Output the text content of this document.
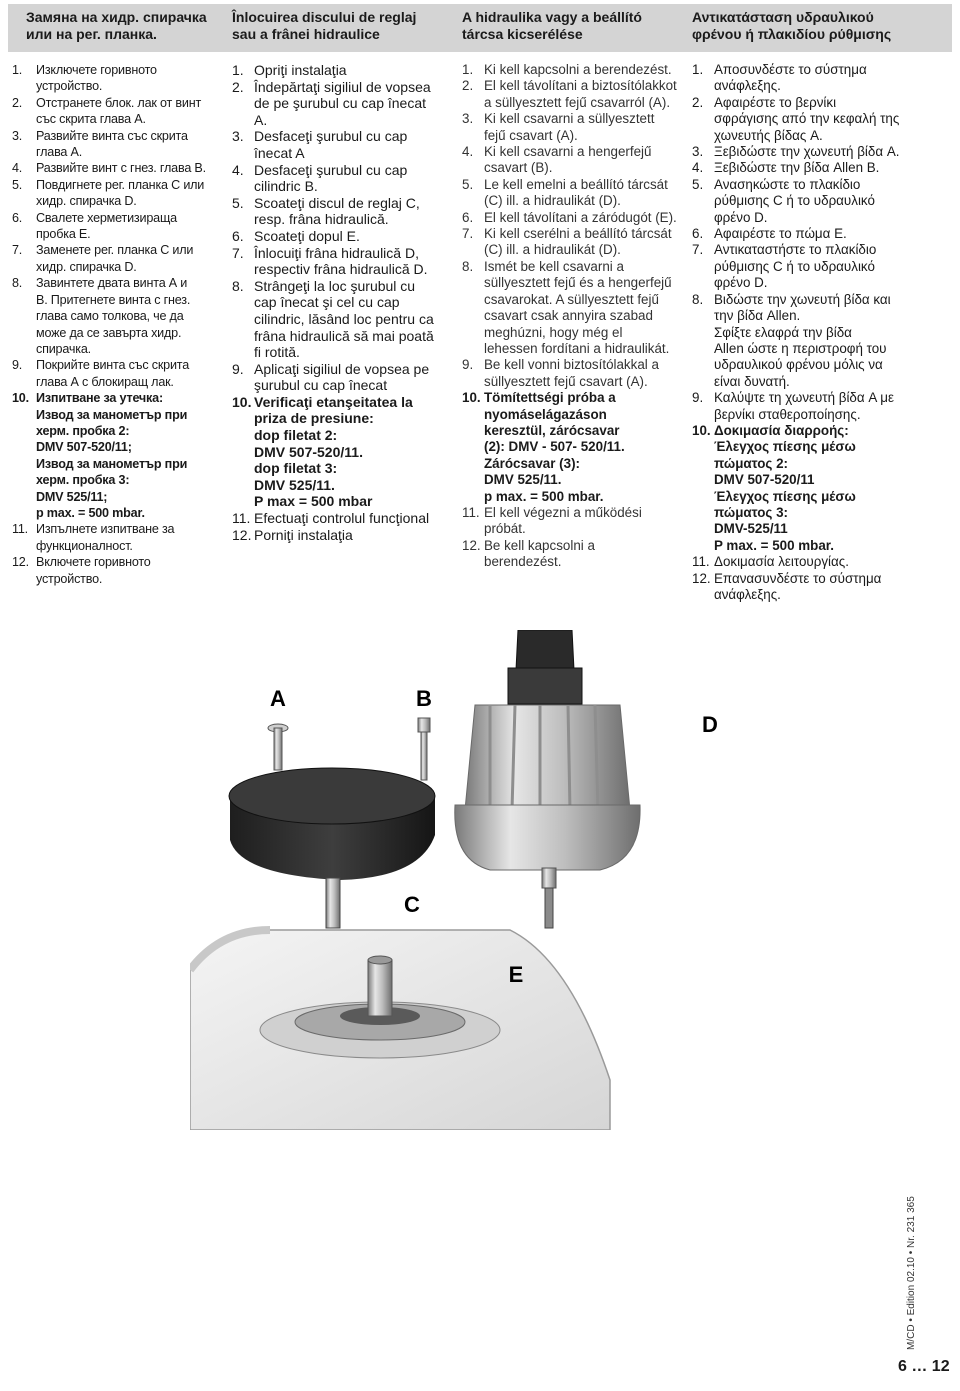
Замяна на хидр. спирачка
или на рег. планка.
Înlocuirea discului de reglaj
sau a frânei hidraulice
A hidraulika vagy a beállító
tárcsa kicserélése
Αντικατάσταση υδραυλικού
φρένου ή πλακιδίου ρύθμισης
1.	Изключете горивното
устройство.
2.	Отстранете блок. лак от винт
със скрита глава А.
3.	Развийте винта със скрита
глава А.
4.	Развийте винт с гнез. глава В.
5.	Повдигнете рег. планка С или
хидр. спирачка D.
6.	Свалете херметизираща
пробка Е.
7.	Заменете рег. планка С или
хидр. спирачка D.
8.	Завинтете двата винта А и
В. Притегнете винта с гнез.
глава само толкова, че да
може да се завърта хидр.
спирачка.
9.	Покрийте винта със скрита
глава А с блокиращ лак.
10. Изпитване за утечка:
Извод за манометър при
херм. пробка 2:
DMV 507-520/11;
Извод за манометър при
херм. пробка 3:
DMV 525/11;
p max. = 500 mbar.
11. Изпълнете изпитване за
функционалност.
12. Включете горивното
устройство.
1. Opriţi instalaţia
2. Îndepărtaţi sigiliul de vopsea
de pe şurubul cu cap înecat
A.
3. Desfaceţi şurubul cu cap
înecat A
4. Desfaceţi şurubul cu cap
cilindric B.
5. Scoateţi discul de reglaj C,
resp. frâna hidraulică.
6. Scoateţi dopul E.
7. Înlocuiţi frâna hidraulică D,
respectiv frâna hidraulică D.
8. Strângeţi la loc şurubul cu
cap înecat şi cel cu cap
cilindric, lăsând loc pentru ca
frâna hidraulică să mai poată
fi rotită.
9. Aplicaţi sigiliul de vopsea pe
şurubul cu cap înecat
10. Verificaţi etanşeitatea la
priza de presiune:
dop filetat 2:
DMV 507-520/11.
dop filetat 3:
DMV 525/11.
P max = 500 mbar
11. Efectuaţi controlul funcţional
12. Porniţi instalaţia
1. Ki kell kapcsolni a berendezést.
2. El kell távolítani a biztosítólakkot
a süllyesztett fejű csavarról (A).
3. Ki kell csavarni a süllyesztett
fejű csavart (A).
4. Ki kell csavarni a hengerfejű
csavart (B).
5. Le kell emelni a beállító tárcsát
(C) ill. a hidraulikát (D).
6. El kell távolítani a záródugót (E).
7. Ki kell cserélni a beállító tárcsát
(C) ill. a hidraulikát (D).
8. Ismét be kell csavarni a
süllyesztett fejű és a hengerfejű
csavarokat. A süllyesztett fejű
csavart csak annyira szabad
meghúzni, hogy még el
lehessen fordítani a hidraulikát.
9. Be kell vonni biztosítólakkal a
süllyesztett fejű csavart (A).
10. Tömítettségi próba a
nyomáselágazáson
keresztül, zárócsavar
(2): DMV - 507- 520/11.
Zárócsavar (3):
DMV 525/11.
p max. = 500 mbar.
11. El kell végezni a működési
próbát.
12. Be kell kapcsolni a
berendezést.
1. Αποσυνδέστε το σύστημα
ανάφλεξης.
2. Αφαιρέστε το βερνίκι
σφράγισης από την κεφαλή της
χωνευτής βίδας A.
3. Ξεβιδώστε την χωνευτή βίδα A.
4. Ξεβιδώστε την βίδα Allen B.
5. Ανασηκώστε το πλακίδιο
ρύθμισης C ή το υδραυλικό
φρένο D.
6. Αφαιρέστε το πώμα E.
7. Αντικαταστήστε το πλακίδιο
ρύθμισης C ή το υδραυλικό
φρένο D.
8. Βιδώστε την χωνευτή βίδα και
την βίδα Allen.
Σφίξτε ελαφρά την βίδα
Allen ώστε η περιστροφή του
υδραυλικού φρένου μόλις να
είναι δυνατή.
9. Καλύψτε τη χωνευτή βίδα A με
βερνίκι σταθεροποίησης.
10. Δοκιμασία διαρροής:
Έλεγχος πίεσης μέσω
πώματος 2:
DMV 507-520/11
Έλεγχος πίεσης μέσω
πώματος 3:
DMV-525/11
P max. = 500 mbar.
11. Δοκιμασία λειτουργίας.
12. Επανασυνδέστε το σύστημα
ανάφλεξης.
A	B
C
D
E
M/CD • Edition 02.10 • Nr. 231 365
6 … 12
